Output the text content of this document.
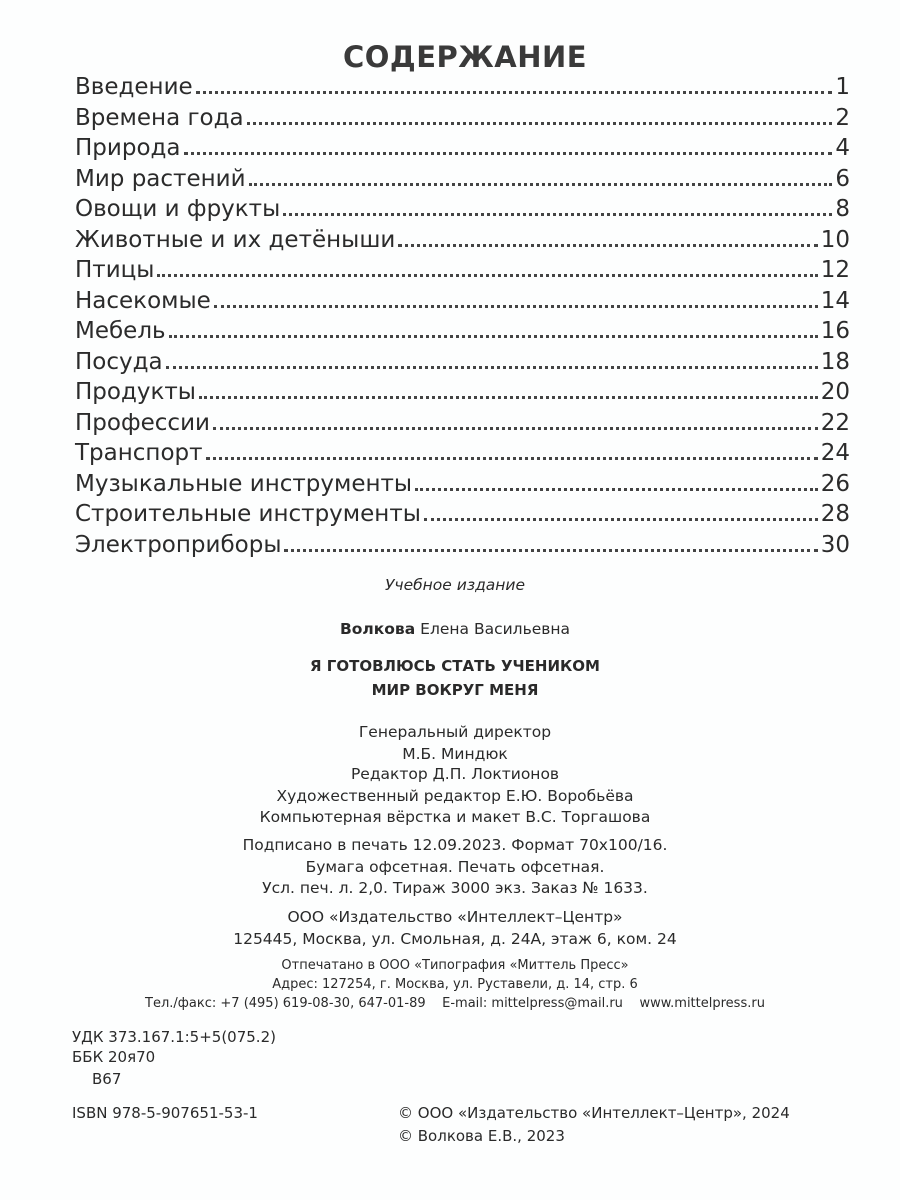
СОДЕРЖАНИЕ
Введение	1
Времена года	2
Природа	4
Мир растений	6
Овощи и фрукты	8
Животные и их детёныши	10
Птицы	12
Насекомые	14
Мебель	16
Посуда	18
Продукты	20
Профессии	22
Транспорт	24
Музыкальные инструменты	26
Строительные инструменты	28
Электроприборы	30
Учебное издание
Волкова Елена Васильевна
Я ГОТОВЛЮСЬ СТАТЬ УЧЕНИКОМ
МИР ВОКРУГ МЕНЯ
Генеральный директор
М.Б. Миндюк
Редактор Д.П. Локтионов
Художественный редактор Е.Ю. Воробьёва
Компьютерная вёрстка и макет В.С. Торгашова
Подписано в печать 12.09.2023. Формат 70x100/16.
Бумага офсетная. Печать офсетная.
Усл. печ. л. 2,0. Тираж 3000 экз. Заказ № 1633.
ООО «Издательство «Интеллект–Центр»
125445, Москва, ул. Смольная, д. 24А, этаж 6, ком. 24
Отпечатано в ООО «Типография «Миттель Пресс»
Адрес: 127254, г. Москва, ул. Руставели, д. 14, стр. 6
Тел./факс: +7 (495) 619-08-30, 647-01-89    E-mail: mittelpress@mail.ru    www.mittelpress.ru
УДК 373.167.1:5+5(075.2)
ББК 20я70
В67
ISBN 978-5-907651-53-1	© ООО «Издательство «Интеллект–Центр», 2024
© Волкова Е.В., 2023
